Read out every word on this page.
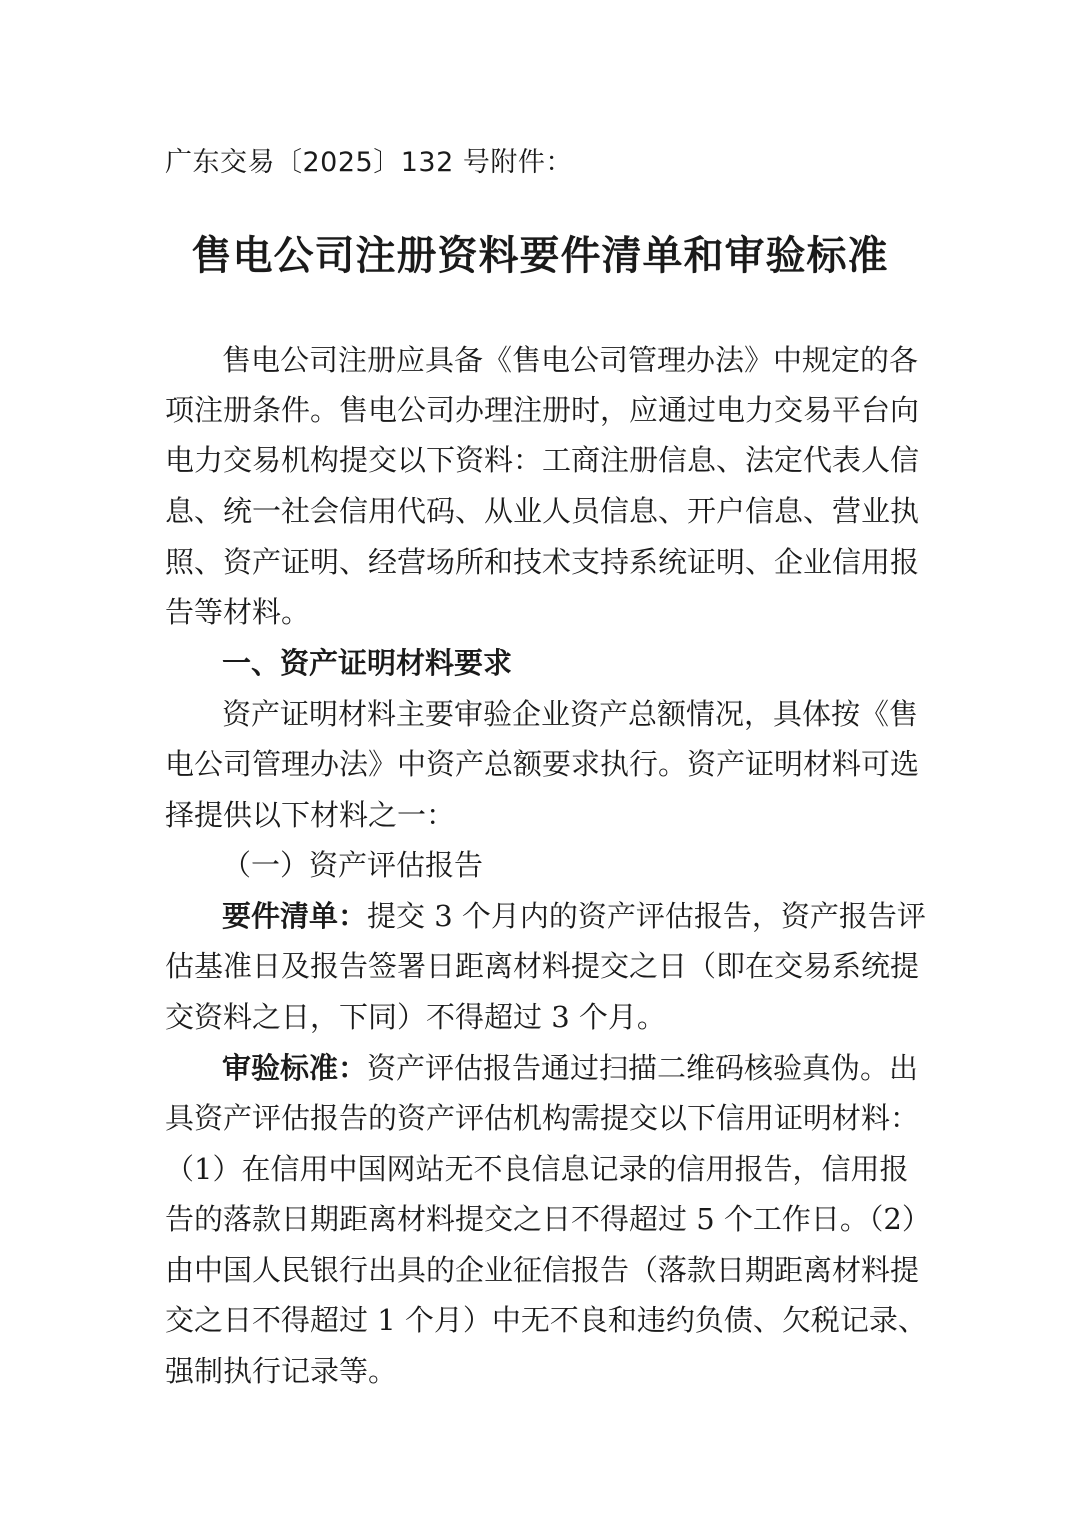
广东交易〔2025〕132 号附件：
售电公司注册资料要件清单和审验标准
售电公司注册应具备《售电公司管理办法》中规定的各
项注册条件。售电公司办理注册时，应通过电力交易平台向
电力交易机构提交以下资料：工商注册信息、法定代表人信
息、统一社会信用代码、从业人员信息、开户信息、营业执
照、资产证明、经营场所和技术支持系统证明、企业信用报
告等材料。
一、资产证明材料要求
资产证明材料主要审验企业资产总额情况，具体按《售
电公司管理办法》中资产总额要求执行。资产证明材料可选
择提供以下材料之一：
（一）资产评估报告
要件清单：提交 3 个月内的资产评估报告，资产报告评
估基准日及报告签署日距离材料提交之日（即在交易系统提
交资料之日，下同）不得超过 3 个月。
审验标准：资产评估报告通过扫描二维码核验真伪。出
具资产评估报告的资产评估机构需提交以下信用证明材料：
（1）在信用中国网站无不良信息记录的信用报告，信用报
告的落款日期距离材料提交之日不得超过 5 个工作日。（2）
由中国人民银行出具的企业征信报告（落款日期距离材料提
交之日不得超过 1 个月）中无不良和违约负债、欠税记录、
强制执行记录等。
